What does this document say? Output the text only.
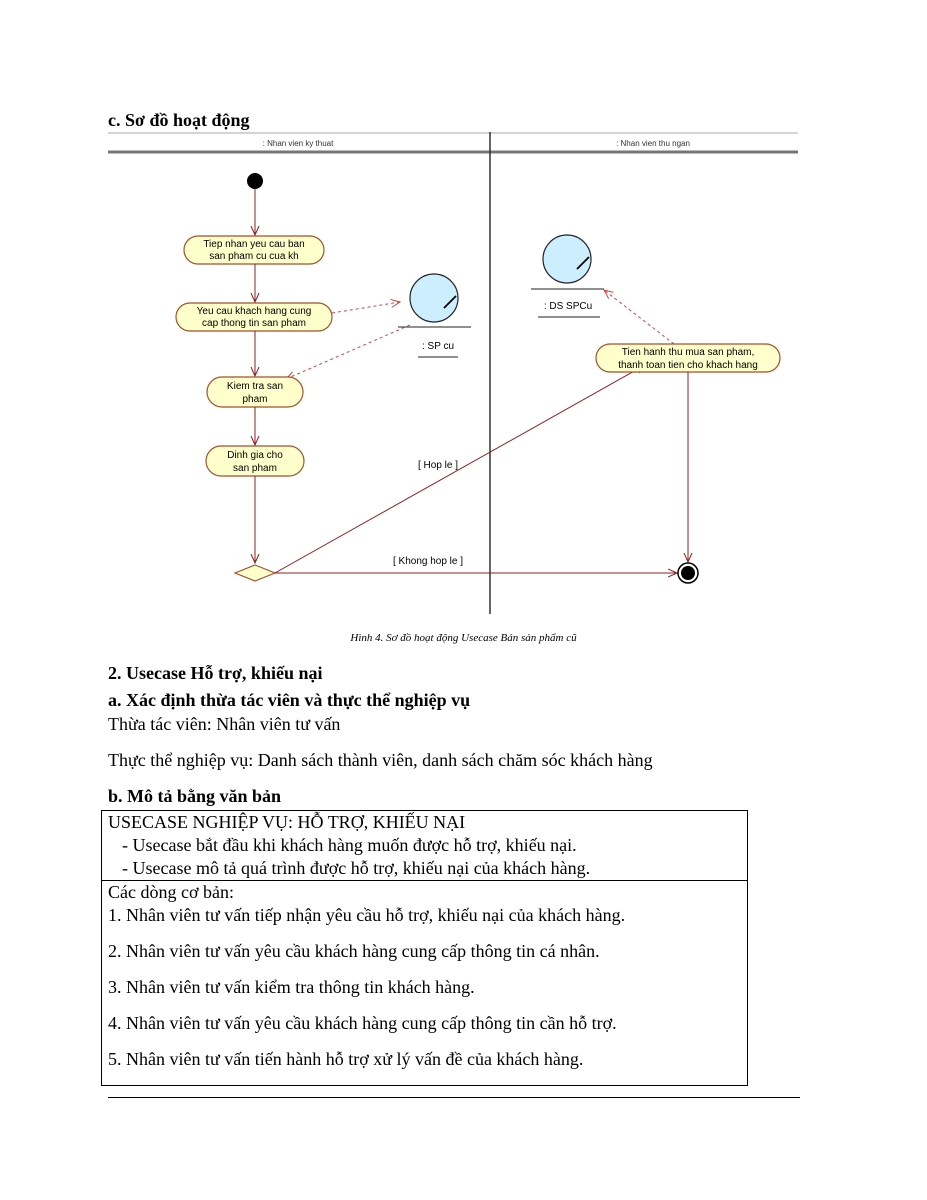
c. Sơ đồ hoạt động
: Nhan vien ky thuat	: Nhan vien thu ngan
Tiep nhan yeu cau ban
san pham cu cua kh
Yeu cau khach hang cung
cap thong tin san pham
: SP cu
Kiem tra san
pham
Dinh gia cho
san pham	[ Hop le ]
[ Khong hop le ]
: DS SPCu
Tien hanh thu mua san pham,
thanh toan tien cho khach hang
Hình 4. Sơ đồ hoạt động Usecase Bán sản phẩm cũ
2. Usecase Hỗ trợ, khiếu nại
a. Xác định thừa tác viên và thực thể nghiệp vụ
Thừa tác viên: Nhân viên tư vấn
Thực thể nghiệp vụ: Danh sách thành viên, danh sách chăm sóc khách hàng
b. Mô tả bằng văn bản
USECASE NGHIỆP VỤ: HỖ TRỢ, KHIẾU NẠI
- Usecase bắt đầu khi khách hàng muốn được hỗ trợ, khiếu nại.
- Usecase mô tả quá trình được hỗ trợ, khiếu nại của khách hàng.

Các dòng cơ bản:
1. Nhân viên tư vấn tiếp nhận yêu cầu hỗ trợ, khiếu nại của khách hàng.
2. Nhân viên tư vấn yêu cầu khách hàng cung cấp thông tin cá nhân.
3. Nhân viên tư vấn kiểm tra thông tin khách hàng.
4. Nhân viên tư vấn yêu cầu khách hàng cung cấp thông tin cần hỗ trợ.
5. Nhân viên tư vấn tiến hành hỗ trợ xử lý vấn đề của khách hàng.
